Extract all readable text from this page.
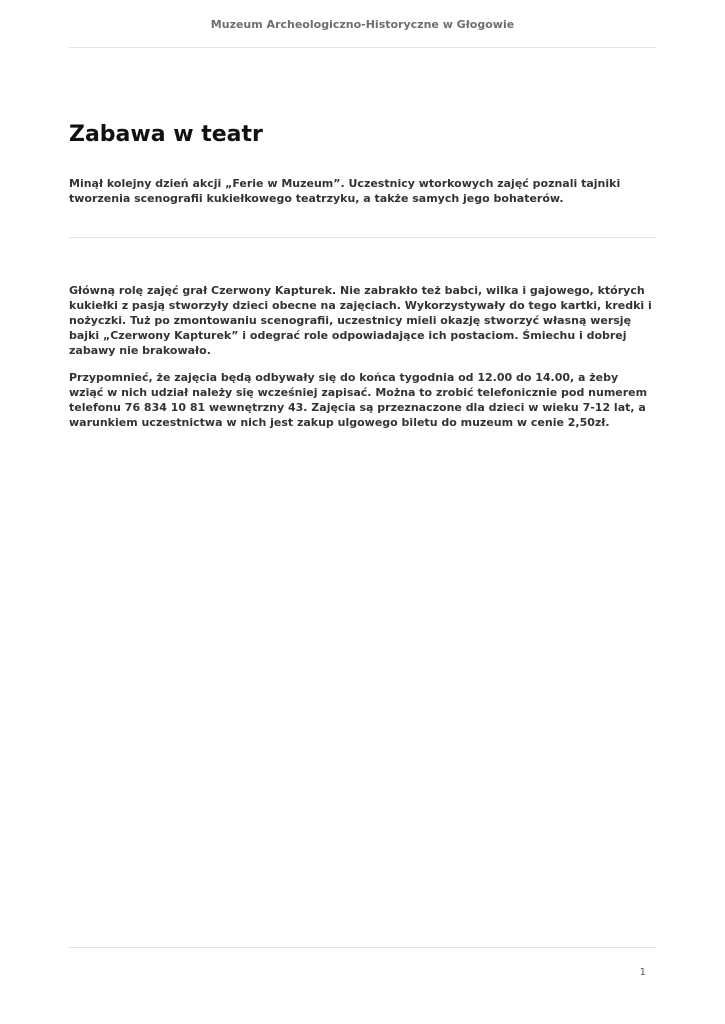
Muzeum Archeologiczno-Historyczne w Głogowie
Zabawa w teatr

Minął kolejny dzień akcji „Ferie w Muzeum”. Uczestnicy wtorkowych zajęć poznali tajniki tworzenia scenografii kukiełkowego teatrzyku, a także samych jego bohaterów.

Główną rolę zajęć grał Czerwony Kapturek. Nie zabrakło też babci, wilka i gajowego, których kukiełki z pasją stworzyły dzieci obecne na zajęciach. Wykorzystywały do tego kartki, kredki i nożyczki. Tuż po zmontowaniu scenografii, uczestnicy mieli okazję stworzyć własną wersję bajki „Czerwony Kapturek” i odegrać role odpowiadające ich postaciom. Śmiechu i dobrej zabawy nie brakowało.

Przypomnieć, że zajęcia będą odbywały się do końca tygodnia od 12.00 do 14.00, a żeby wziąć w nich udział należy się wcześniej zapisać. Można to zrobić telefonicznie pod numerem telefonu 76 834 10 81 wewnętrzny 43. Zajęcia są przeznaczone dla dzieci w wieku 7-12 lat, a warunkiem uczestnictwa w nich jest zakup ulgowego biletu do muzeum w cenie 2,50zł.

1
